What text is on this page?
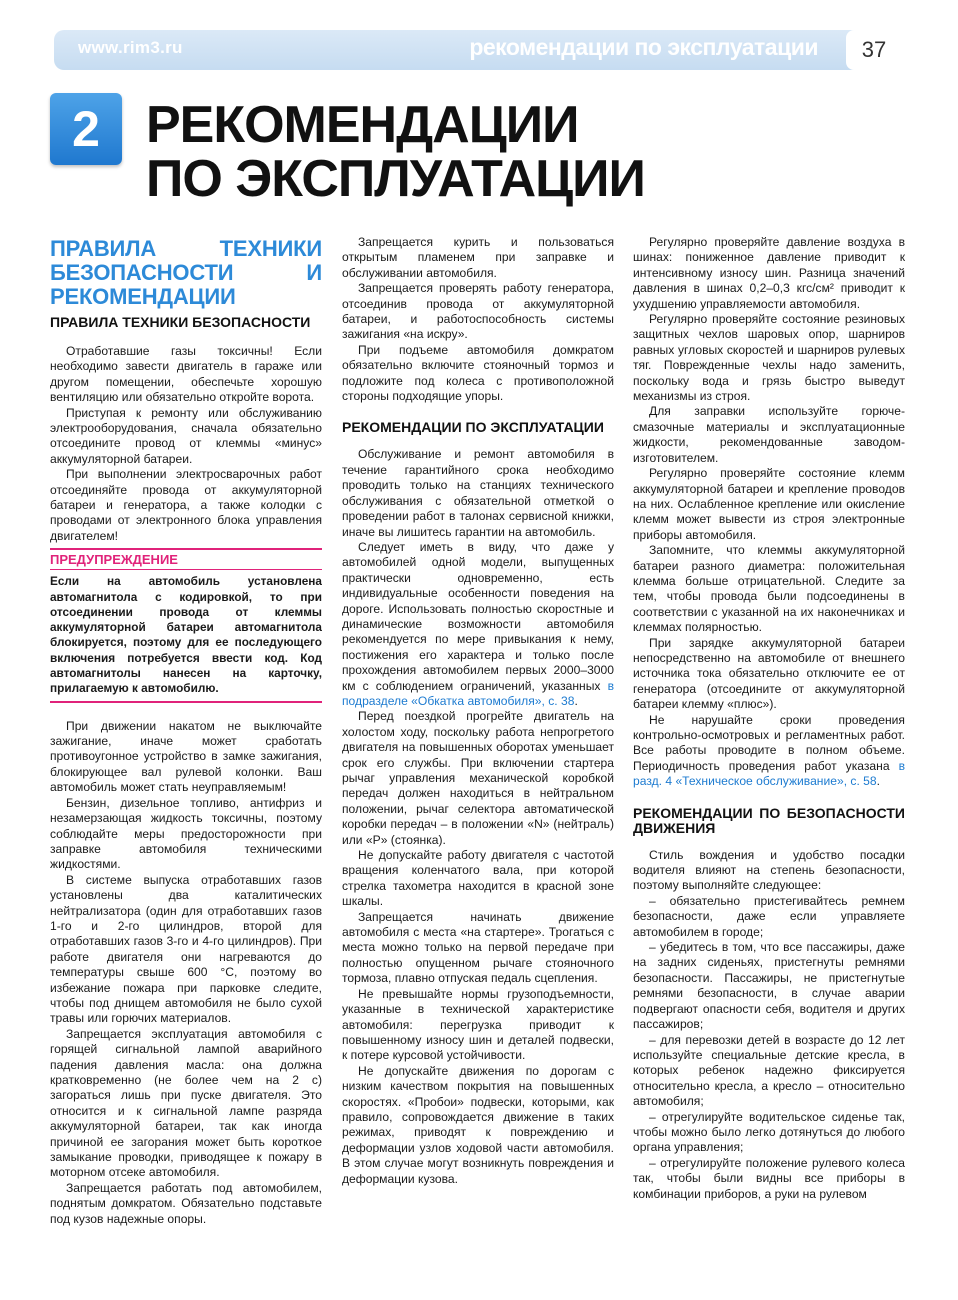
www.rim3.ru	рекомендации по эксплуатации	37
2 РЕКОМЕНДАЦИИ
ПО ЭКСПЛУАТАЦИИ
ПРАВИЛА ТЕХНИКИ БЕЗОПАСНОСТИ И РЕКОМЕНДАЦИИ
ПРАВИЛА ТЕХНИКИ БЕЗОПАСНОСТИ

Отработавшие газы токсичны! Если необходимо завести двигатель в гараже или другом помещении, обеспечьте хорошую вентиляцию или обязательно откройте ворота.

Приступая к ремонту или обслуживанию электрооборудования, сначала обязательно отсоедините провод от клеммы «минус» аккумуляторной батареи.

При выполнении электросварочных работ отсоединяйте провода от аккумуляторной батареи и генератора, а также колодки с проводами от электронного блока управления двигателем!

ПРЕДУПРЕЖДЕНИЕ
Если на автомобиль установлена автомагнитола с кодировкой, то при отсоединении провода от клеммы аккумуляторной батареи автомагнитола блокируется, поэтому для ее последующего включения потребуется ввести код. Код автомагнитолы нанесен на карточку, прилагаемую к автомобилю.

При движении накатом не выключайте зажигание, иначе может сработать противоугонное устройство в замке зажигания, блокирующее вал рулевой колонки. Ваш автомобиль может стать неуправляемым!

Бензин, дизельное топливо, антифриз и незамерзающая жидкость токсичны, поэтому соблюдайте меры предосторожности при заправке автомобиля техническими жидкостями.

В системе выпуска отработавших газов установлены два каталитических нейтрализатора (один для отработавших газов 1-го и 2-го цилиндров, второй для отработавших газов 3-го и 4-го цилиндров). При работе двигателя они нагреваются до температуры свыше 600 °С, поэтому во избежание пожара при парковке следите, чтобы под днищем автомобиля не было сухой травы или горючих материалов.

Запрещается эксплуатация автомобиля с горящей сигнальной лампой аварийного падения давления масла: она должна кратковременно (не более чем на 2 с) загораться лишь при пуске двигателя. Это относится и к сигнальной лампе разряда аккумуляторной батареи, так как иногда причиной ее загорания может быть короткое замыкание проводки, приводящее к пожару в моторном отсеке автомобиля.

Запрещается работать под автомобилем, поднятым домкратом. Обязательно подставьте под кузов надежные опоры.

Запрещается курить и пользоваться открытым пламенем при заправке и обслуживании автомобиля.

Запрещается проверять работу генератора, отсоединив провода от аккумуляторной батареи, и работоспособность системы зажигания «на искру».

При подъеме автомобиля домкратом обязательно включите стояночный тормоз и подложите под колеса с противоположной стороны подходящие упоры.

РЕКОМЕНДАЦИИ ПО ЭКСПЛУАТАЦИИ

Обслуживание и ремонт автомобиля в течение гарантийного срока необходимо проводить только на станциях технического обслуживания с обязательной отметкой о проведении работ в талонах сервисной книжки, иначе вы лишитесь гарантии на автомобиль.

Следует иметь в виду, что даже у автомобилей одной модели, выпущенных практически одновременно, есть индивидуальные особенности поведения на дороге. Использовать полностью скоростные и динамические возможности автомобиля рекомендуется по мере привыкания к нему, постижения его характера и только после прохождения автомобилем первых 2000–3000 км с соблюдением ограничений, указанных в подразделе «Обкатка автомобиля», с. 38.

Перед поездкой прогрейте двигатель на холостом ходу, поскольку работа непрогретого двигателя на повышенных оборотах уменьшает срок его службы. При включении стартера рычаг управления механической коробкой передач должен находиться в нейтральном положении, рычаг селектора автоматической коробки передач – в положении «N» (нейтраль) или «P» (стоянка).

Не допускайте работу двигателя с частотой вращения коленчатого вала, при которой стрелка тахометра находится в красной зоне шкалы.

Запрещается начинать движение автомобиля с места «на стартере». Трогаться с места можно только на первой передаче при полностью опущенном рычаге стояночного тормоза, плавно отпуская педаль сцепления.

Не превышайте нормы грузоподъемности, указанные в технической характеристике автомобиля: перегрузка приводит к повышенному износу шин и деталей подвески, к потере курсовой устойчивости.

Не допускайте движения по дорогам с низким качеством покрытия на повышенных скоростях. «Пробои» подвески, которыми, как правило, сопровождается движение в таких режимах, приводят к повреждению и деформации узлов ходовой части автомобиля. В этом случае могут возникнуть повреждения и деформации кузова.

Регулярно проверяйте давление воздуха в шинах: пониженное давление приводит к интенсивному износу шин. Разница значений давления в шинах 0,2–0,3 кгс/см² приводит к ухудшению управляемости автомобиля.

Регулярно проверяйте состояние резиновых защитных чехлов шаровых опор, шарниров равных угловых скоростей и шарниров рулевых тяг. Поврежденные чехлы надо заменить, поскольку вода и грязь быстро выведут механизмы из строя.

Для заправки используйте горюче-смазочные материалы и эксплуатационные жидкости, рекомендованные заводом-изготовителем.

Регулярно проверяйте состояние клемм аккумуляторной батареи и крепление проводов на них. Ослабленное крепление или окисление клемм может вывести из строя электронные приборы автомобиля.

Запомните, что клеммы аккумуляторной батареи разного диаметра: положительная клемма больше отрицательной. Следите за тем, чтобы провода были подсоединены в соответствии с указанной на их наконечниках и клеммах полярностью.

При зарядке аккумуляторной батареи непосредственно на автомобиле от внешнего источника тока обязательно отключите ее от генератора (отсоедините от аккумуляторной батареи клемму «плюс»).

Не нарушайте сроки проведения контрольно-осмотровых и регламентных работ. Все работы проводите в полном объеме. Периодичность проведения работ указана в разд. 4 «Техническое обслуживание», с. 58.

РЕКОМЕНДАЦИИ ПО БЕЗОПАСНОСТИ ДВИЖЕНИЯ

Стиль вождения и удобство посадки водителя влияют на степень безопасности, поэтому выполняйте следующее:

– обязательно пристегивайтесь ремнем безопасности, даже если управляете автомобилем в городе;

– убедитесь в том, что все пассажиры, даже на задних сиденьях, пристегнуты ремнями безопасности. Пассажиры, не пристегнутые ремнями безопасности, в случае аварии подвергают опасности себя, водителя и других пассажиров;

– для перевозки детей в возрасте до 12 лет используйте специальные детские кресла, в которых ребенок надежно фиксируется относительно кресла, а кресло – относительно автомобиля;

– отрегулируйте водительское сиденье так, чтобы можно было легко дотянуться до любого органа управления;

– отрегулируйте положение рулевого колеса так, чтобы были видны все приборы в комбинации приборов, а руки на рулевом
